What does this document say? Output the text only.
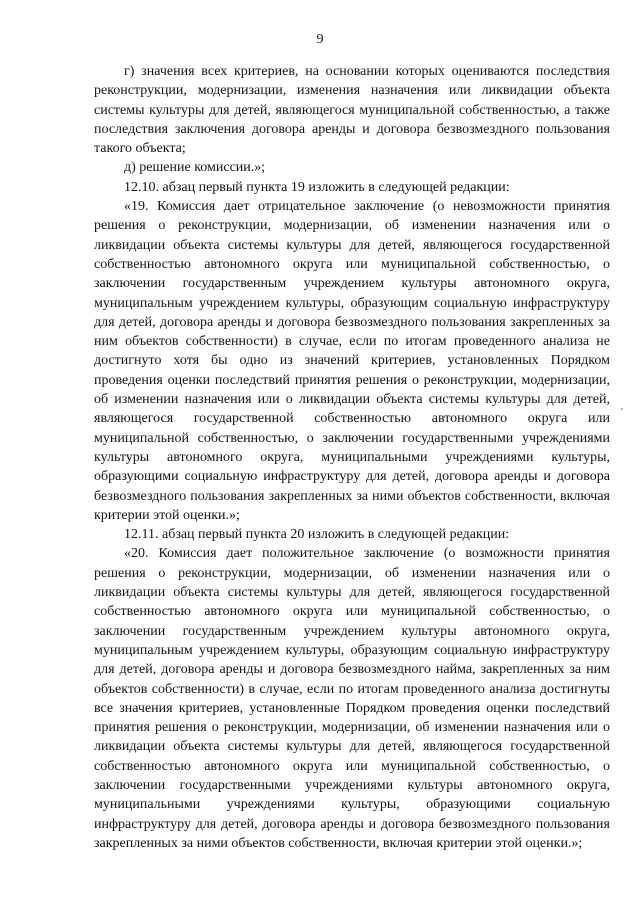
9

г) значения всех критериев, на основании которых оцениваются последствия реконструкции, модернизации, изменения назначения или ликвидации объекта системы культуры для детей, являющегося муниципальной собственностью, а также последствия заключения договора аренды и договора безвозмездного пользования такого объекта;

д) решение комиссии.»;

12.10. абзац первый пункта 19 изложить в следующей редакции:

«19. Комиссия дает отрицательное заключение (о невозможности принятия решения о реконструкции, модернизации, об изменении назначения или о ликвидации объекта системы культуры для детей, являющегося государственной собственностью автономного округа или муниципальной собственностью, о заключении государственным учреждением культуры автономного округа, муниципальным учреждением культуры, образующим социальную инфраструктуру для детей, договора аренды и договора безвозмездного пользования закрепленных за ним объектов собственности) в случае, если по итогам проведенного анализа не достигнуто хотя бы одно из значений критериев, установленных Порядком проведения оценки последствий принятия решения о реконструкции, модернизации, об изменении назначения или о ликвидации объекта системы культуры для детей, являющегося государственной собственностью автономного округа или муниципальной собственностью, о заключении государственными учреждениями культуры автономного округа, муниципальными учреждениями культуры, образующими социальную инфраструктуру для детей, договора аренды и договора безвозмездного пользования закрепленных за ними объектов собственности, включая критерии этой оценки.»;

12.11. абзац первый пункта 20 изложить в следующей редакции:

«20. Комиссия дает положительное заключение (о возможности принятия решения о реконструкции, модернизации, об изменении назначения или о ликвидации объекта системы культуры для детей, являющегося государственной собственностью автономного округа или муниципальной собственностью, о заключении государственным учреждением культуры автономного округа, муниципальным учреждением культуры, образующим социальную инфраструктуру для детей, договора аренды и договора безвозмездного найма, закрепленных за ним объектов собственности) в случае, если по итогам проведенного анализа достигнуты все значения критериев, установленные Порядком проведения оценки последствий принятия решения о реконструкции, модернизации, об изменении назначения или о ликвидации объекта системы культуры для детей, являющегося государственной собственностью автономного округа или муниципальной собственностью, о заключении государственными учреждениями культуры автономного округа, муниципальными учреждениями культуры, образующими социальную инфраструктуру для детей, договора аренды и договора безвозмездного пользования закрепленных за ними объектов собственности, включая критерии этой оценки.»;
